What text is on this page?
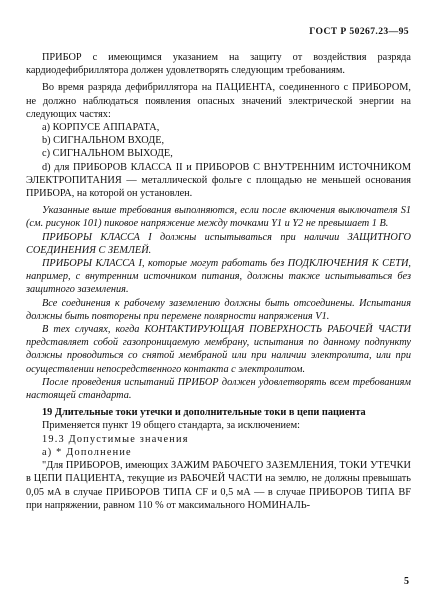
ГОСТ Р 50267.23—95

ПРИБОР с имеющимся указанием на защиту от воздействия разряда кардиодефибриллятора должен удовлетворять следующим требованиям.

Во время разряда дефибриллятора на ПАЦИЕНТА, соединенного с ПРИБОРОМ, не должно наблюдаться появления опасных значений электрической энергии на следующих частях:

a) КОРПУСЕ АППАРАТА,

b) СИГНАЛЬНОМ ВХОДЕ,

c) СИГНАЛЬНОМ ВЫХОДЕ,

d) для ПРИБОРОВ КЛАССА II и ПРИБОРОВ С ВНУТРЕННИМ ИСТОЧНИКОМ ЭЛЕКТРОПИТАНИЯ — металлической фольге с площадью не меньшей основания ПРИБОРА, на которой он установлен.

Указанные выше требования выполняются, если после включения выключателя S1 (см. рисунок 101) пиковое напряжение между точками Y1 и Y2 не превышает 1 В.

ПРИБОРЫ КЛАССА I должны испытываться при наличии ЗАЩИТНОГО СОЕДИНЕНИЯ С ЗЕМЛЕЙ.

ПРИБОРЫ КЛАССА I, которые могут работать без ПОДКЛЮЧЕНИЯ К СЕТИ, например, с внутренним источником питания, должны также испытываться без защитного заземления.

Все соединения к рабочему заземлению должны быть отсоединены. Испытания должны быть повторены при перемене полярности напряжения V1.

В тех случаях, когда КОНТАКТИРУЮЩАЯ ПОВЕРХНОСТЬ РАБОЧЕЙ ЧАСТИ представляет собой газопроницаемую мембрану, испытания по данному подпункту должны проводиться со снятой мембраной или при наличии электролита, или при осуществлении непосредственного контакта с электролитом.

После проведения испытаний ПРИБОР должен удовлетворять всем требованиям настоящей стандарта.

19 Длительные токи утечки и дополнительные токи в цепи пациента

Применяется пункт 19 общего стандарта, за исключением:

19.3 Допустимые значения

а) * Дополнение

"Для ПРИБОРОВ, имеющих ЗАЖИМ РАБОЧЕГО ЗАЗЕМЛЕНИЯ, ТОКИ УТЕЧКИ в ЦЕПИ ПАЦИЕНТА, текущие из РАБОЧЕЙ ЧАСТИ на землю, не должны превышать 0,05 мА в случае ПРИБОРОВ ТИПА CF и 0,5 мА — в случае ПРИБОРОВ ТИПА BF при напряжении, равном 110 % от максимального НОМИНАЛЬ-

5
